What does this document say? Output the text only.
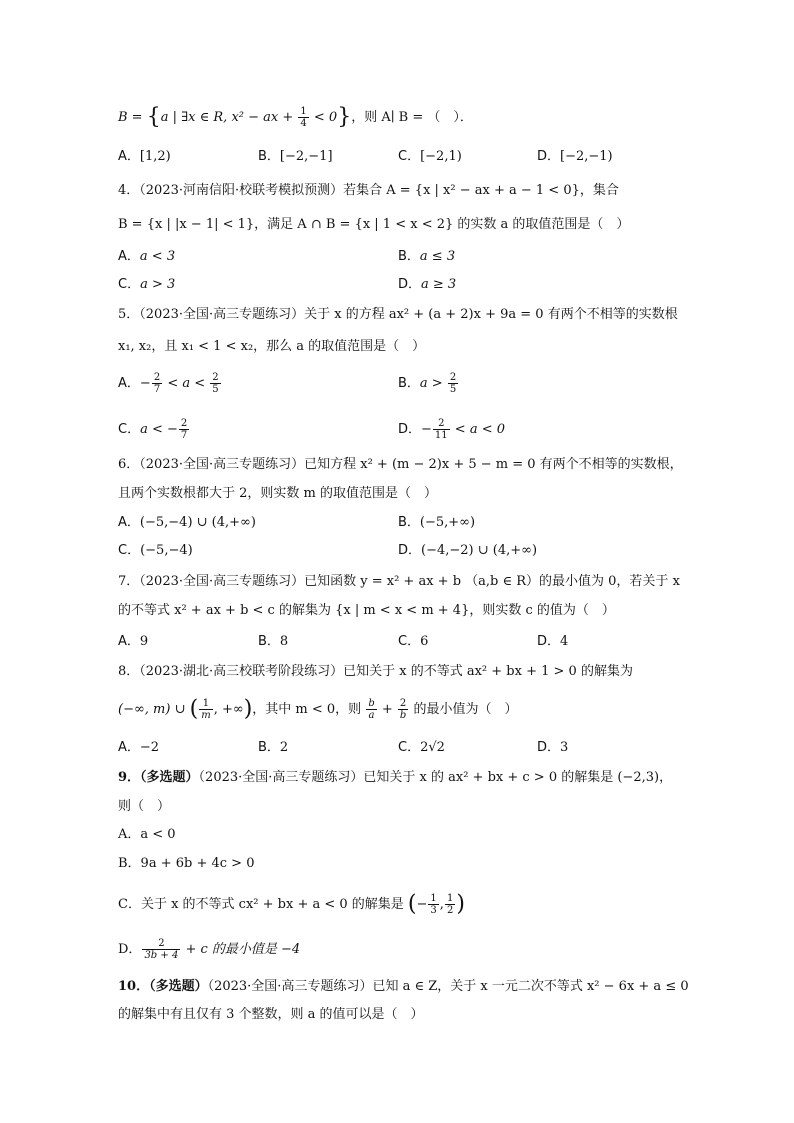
B = {a | ∃x ∈ R, x² − ax + $\frac{1}{4} < 0$}，则 A∣ B = （　）．
A．[1,2)	B．[−2,−1]	C．[−2,1)	D．[−2,−1)
4．（2023·河南信阳·校联考模拟预测）若集合 A = {x | x² − ax + a − 1 < 0}，集合
B = {x | |x − 1| < 1}，满足 A ∩ B = {x | 1 < x < 2} 的实数 a 的取值范围是（　）
A．a < 3	B．a ≤ 3
C．a > 3	D．a ≥ 3
5．（2023·全国·高三专题练习）关于 x 的方程 ax² + (a + 2)x + 9a = 0 有两个不相等的实数根
x₁, x₂，且 x₁ < 1 < x₂，那么 a 的取值范围是（　）
A．− $\frac{2}{7} < a < \frac{2}{5}$	B．$a > \frac{2}{5}$
C．a < − $\frac{2}{7}$	D．− $\frac{2}{11} < a < 0$
6．（2023·全国·高三专题练习）已知方程 x² + (m − 2)x + 5 − m = 0 有两个不相等的实数根，
且两个实数根都大于 2，则实数 m 的取值范围是（　）
A．(−5,−4) ∪ (4,+∞)	B．(−5,+∞)
C．(−5,−4)	D．(−4,−2) ∪ (4,+∞)
7．（2023·全国·高三专题练习）已知函数 y = x² + ax + b （a,b ∈ R）的最小值为 0，若关于 x
的不等式 x² + ax + b < c 的解集为 {x | m < x < m + 4}，则实数 c 的值为（　）
A．9	B．8	C．6	D．4
8．（2023·湖北·高三校联考阶段练习）已知关于 x 的不等式 ax² + bx + 1 > 0 的解集为
(−∞, m) ∪ ( $\frac{1}{m}$ , +∞)，其中 m < 0，则 $\frac{b}{a} + \frac{2}{b}$ 的最小值为（　）
A．−2	B．2	C．2√2	D．3
9．（多选题）（2023·全国·高三专题练习）已知关于 x 的 ax² + bx + c > 0 的解集是 (−2,3)，
则（　）
A．a < 0
B．9a + 6b + 4c > 0
C．关于 x 的不等式 cx² + bx + a < 0 的解集是 (− $\frac{1}{3}$ , $\frac{1}{2}$ )
D． $\frac{2}{3b + 4} + c$ 的最小值是 −4
10．（多选题）（2023·全国·高三专题练习）已知 a ∈ Z，关于 x 一元二次不等式 x² − 6x + a ≤ 0
的解集中有且仅有 3 个整数，则 a 的值可以是（　）
